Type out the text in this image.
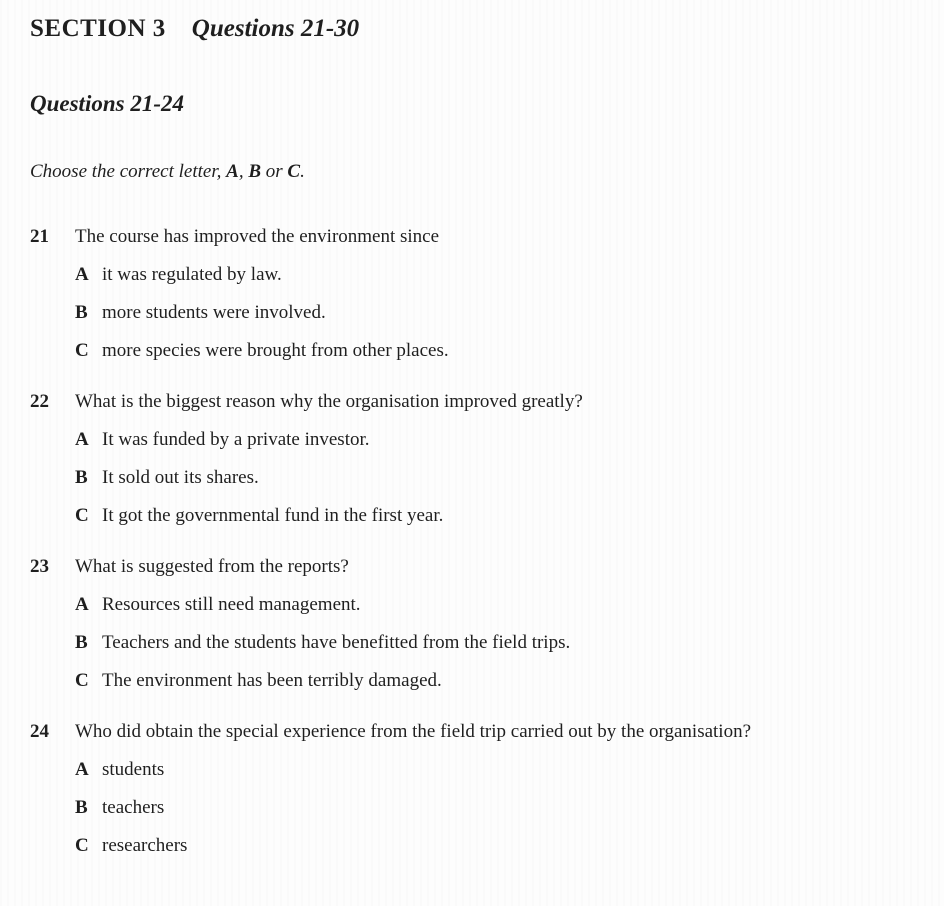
SECTION 3 Questions 21-30
Questions 21-24

Choose the correct letter, A, B or C.

21	The course has improved the environment since

A it was regulated by law.
B more students were involved.
C more species were brought from other places.
22	What is the biggest reason why the organisation improved greatly?

A It was funded by a private investor.
B It sold out its shares.
C It got the governmental fund in the first year.
23	What is suggested from the reports?

A Resources still need management.
B Teachers and the students have benefitted from the field trips.
C The environment has been terribly damaged.
24	Who did obtain the special experience from the field trip carried out by the organisation?

A students
B teachers
C researchers
